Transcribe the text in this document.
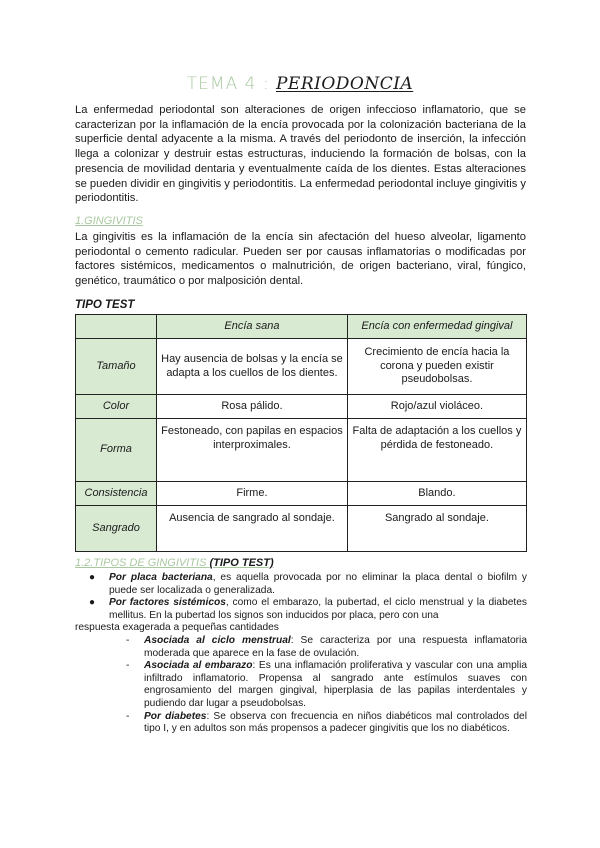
TEMA 4 : PERIODONCIA

La enfermedad periodontal son alteraciones de origen infeccioso inflamatorio, que se caracterizan por la inflamación de la encía provocada por la colonización bacteriana de la superficie dental adyacente a la misma. A través del periodonto de inserción, la infección llega a colonizar y destruir estas estructuras, induciendo la formación de bolsas, con la presencia de movilidad dentaria y eventualmente caída de los dientes. Estas alteraciones se pueden dividir en gingivitis y periodontitis. La enfermedad periodontal incluye gingivitis y periodontitis.

1.GINGIVITIS

La gingivitis es la inflamación de la encía sin afectación del hueso alveolar, ligamento periodontal o cemento radicular. Pueden ser por causas inflamatorias o modificadas por factores sistémicos, medicamentos o malnutrición, de origen bacteriano, viral, fúngico, genético, traumático o por malposición dental.

TIPO TEST

	Encía sana	Encía con enfermedad gingival
Tamaño	Hay ausencia de bolsas y la encía se adapta a los cuellos de los dientes.	Crecimiento de encía hacia la corona y pueden existir pseudobolsas.
Color	Rosa pálido.	Rojo/azul violáceo.
Forma	Festoneado, con papilas en espacios interproximales.	Falta de adaptación a los cuellos y pérdida de festoneado.
Consistencia	Firme.	Blando.
Sangrado	Ausencia de sangrado al sondaje.	Sangrado al sondaje.

1.2.TIPOS DE GINGIVITIS (TIPO TEST)

● Por placa bacteriana, es aquella provocada por no eliminar la placa dental o biofilm y puede ser localizada o generalizada.
● Por factores sistémicos, como el embarazo, la pubertad, el ciclo menstrual y la diabetes mellitus. En la pubertad los signos son inducidos por placa, pero con una
respuesta exagerada a pequeñas cantidades
- Asociada al ciclo menstrual: Se caracteriza por una respuesta inflamatoria moderada que aparece en la fase de ovulación.
- Asociada al embarazo: Es una inflamación proliferativa y vascular con una amplia infiltrado inflamatorio. Propensa al sangrado ante estímulos suaves con engrosamiento del margen gingival, hiperplasia de las papilas interdentales y pudiendo dar lugar a pseudobolsas.
- Por diabetes: Se observa con frecuencia en niños diabéticos mal controlados del tipo I, y en adultos son más propensos a padecer gingivitis que los no diabéticos.
